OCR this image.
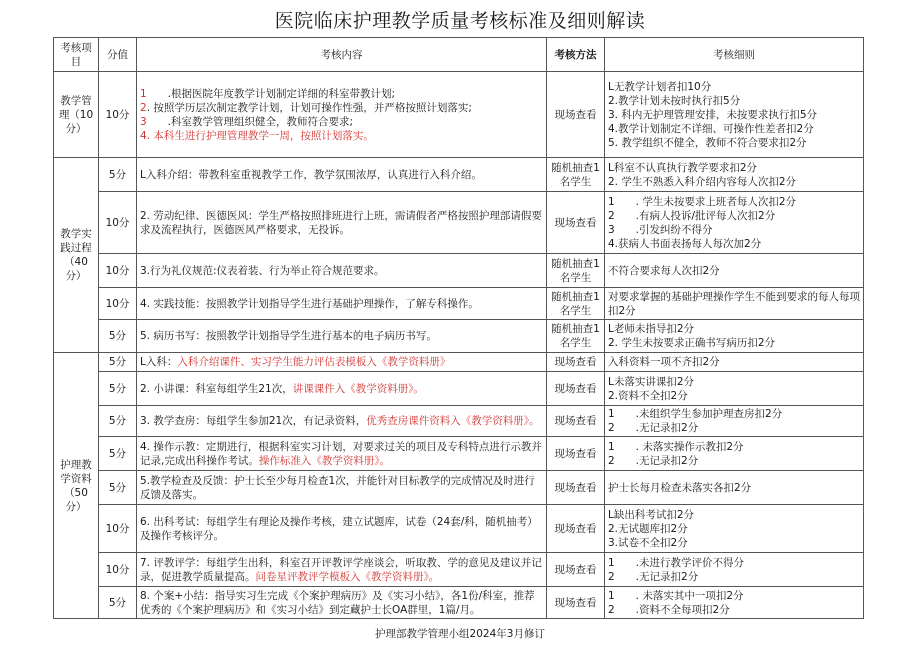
医院临床护理教学质量考核标准及细则解读
考核项目	分值	考核内容	考核方法	考核细则
教学管理（10分）	10分	1　　.根据医院年度教学计划制定详细的科室带教计划;
2. 按照学历层次制定教学计划，计划可操作性强，并严格按照计划落实;
3　　.科室教学管理组织健全，教师符合要求;
4. 本科生进行护理管理教学一周，按照计划落实。	现场查看	L无教学计划者扣10分
2.教学计划未按时执行扣5分
3. 科内无护理管理安排，未按要求执行扣5分
4.教学计划制定不详细、可操作性差者扣2分
5. 教学组织不健全，教师不符合要求扣2分

教学实践过程（40分）	5分	L入科介绍：带教科室重视教学工作，教学氛围浓厚，认真进行入科介绍。	随机抽查1名学生	L科室不认真执行教学要求扣2分
2. 学生不熟悉入科介绍内容每人次扣2分

	10分	2. 劳动纪律、医德医风：学生严格按照排班进行上班，需请假者严格按照护理部请假要求及流程执行，医德医风严格要求，无投诉。	现场查看	1　　. 学生未按要求上班者每人次扣2分
2　　.有病人投诉/批评每人次扣2分
3　　.引发纠纷不得分
4.获病人书面表扬每人每次加2分

	10分	3.行为礼仪规范:仪表着装、行为举止符合规范要求。	随机抽查1名学生	不符合要求每人次扣2分

	10分	4. 实践技能：按照教学计划指导学生进行基础护理操作，了解专科操作。	随机抽查1名学生	对要求掌握的基础护理操作学生不能到要求的每人每项扣2分

	5分	5. 病历书写：按照教学计划指导学生进行基本的电子病历书写。	随机抽查1名学生	L老师未指导扣2分
2. 学生未按要求正确书写病历扣2分

护理教学资料（50分）	5分	L入科：入科介绍课件、实习学生能力评估表模板入《教学资料册》	现场查看	入科资料一项不齐扣2分

	5分	2. 小讲课：科室每组学生21次，讲课课件入《教学资料册》。	现场查看	L未落实讲课扣2分
2.资料不全扣2分

	5分	3. 教学查房：每组学生参加21次，有记录资料，优秀查房课件资料入《教学资料册》。	现场查看	1　　.未组织学生参加护理查房扣2分
2　　.无记录扣2分

	5分	4. 操作示教：定期进行，根据科室实习计划，对要求过关的项目及专科特点进行示教并记录,完成出科操作考试。操作标准入《教学资料册》。	现场查看	1　　. 未落实操作示教扣2分
2　　.无记录扣2分

	5分	5.教学检查及反馈：护士长至少每月检查1次，并能针对目标教学的完成情况及时进行反馈及落实。	现场查看	护士长每月检查未落实各扣2分

	10分	6. 出科考试：每组学生有理论及操作考核，建立试题库，试卷（24套/科，随机抽考）及操作考核评分。	现场查看	L缺出科考试扣2分
2.无试题库扣2分
3.试卷不全扣2分

	10分	7. 评教评学：每组学生出科，科室召开评教评学座谈会，听取教、学的意见及建议并记录，促进教学质量提高。问卷星评教评学模板入《教学资料册》。	现场查看	1　　.未进行教学评价不得分
2　　.无记录扣2分

	5分	8. 个案+小结：指导实习生完成《个案护理病历》及《实习小结》，各1份/科室，推荐优秀的《个案护理病历》和《实习小结》到定藏护士长OA群里，1篇/月。	现场查看	1　　. 未落实其中一项扣2分
2　　.资料不全每项扣2分
护理部教学管理小组2024年3月修订
